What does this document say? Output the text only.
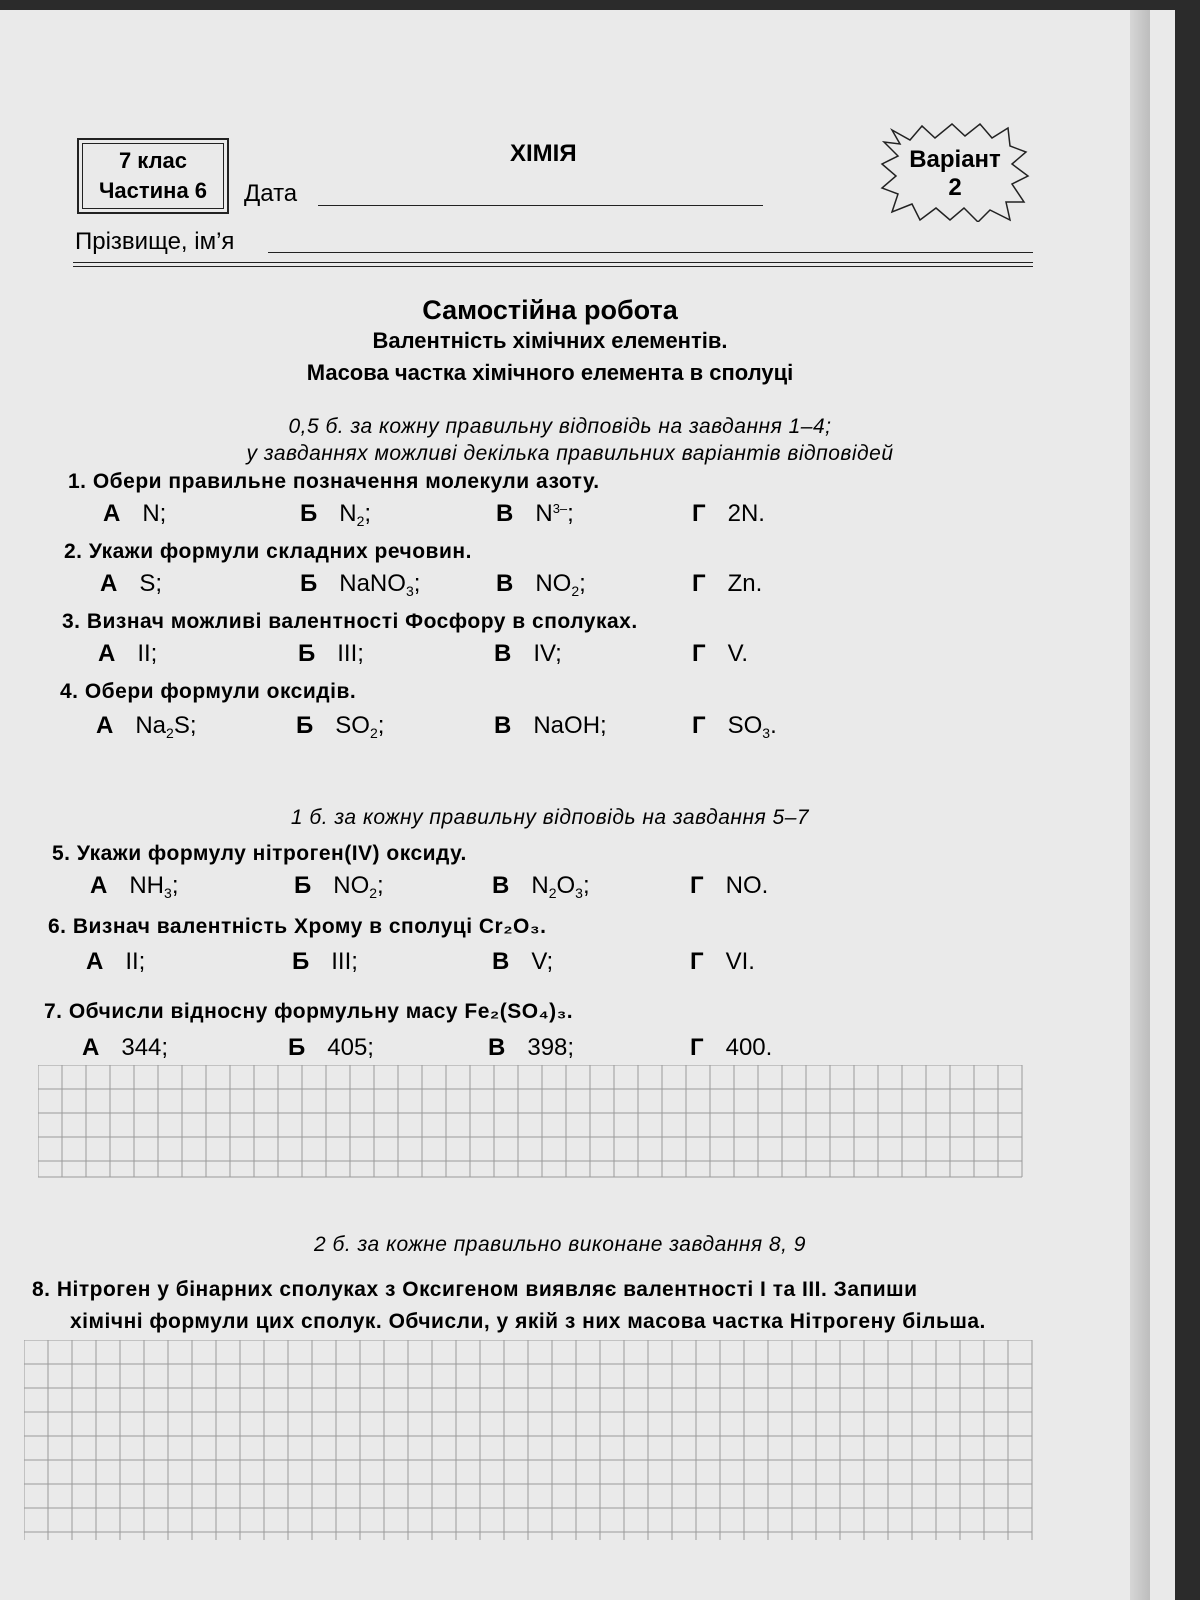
7 клас
Частина 6
ХІМІЯ
Дата
Варіант
2
Прізвище, ім’я
Самостійна робота
Валентність хімічних елементів.
Масова частка хімічного елемента в сполуці
0,5 б. за кожну правильну відповідь на завдання 1–4;
у завданнях можливі декілька правильних варіантів відповідей
1. Обери правильне позначення молекули азоту.
А N;	Б $N_2$;	В $N^{3-}$;	Г 2N.
2. Укажи формули складних речовин.
А S;	Б NaNO$_3$;	В $NO_2$;	Г Zn.
3. Визнач можливі валентності Фосфору в сполуках.
А II;	Б III;	В IV;	Г V.
4. Обери формули оксидів.
А $Na_2S$;	Б $SO_2$;	В NaOH;	Г $SO_3$.
1 б. за кожну правильну відповідь на завдання 5–7
5. Укажи формулу нітроген(IV) оксиду.
А $NH_3$;	Б $NO_2$;	В $N_2O_3$;	Г NO.
6. Визнач валентність Хрому в сполуці Cr₂O₃.
А II;	Б III;	В V;	Г VI.
7. Обчисли відносну формульну масу Fe₂(SO₄)₃.
А 344;	Б 405;	В 398;	Г 400.
2 б. за кожне правильно виконане завдання 8, 9
8. Нітроген у бінарних сполуках з Оксигеном виявляє валентності I та III. Запиши
хімічні формули цих сполук. Обчисли, у якій з них масова частка Нітрогену більша.
